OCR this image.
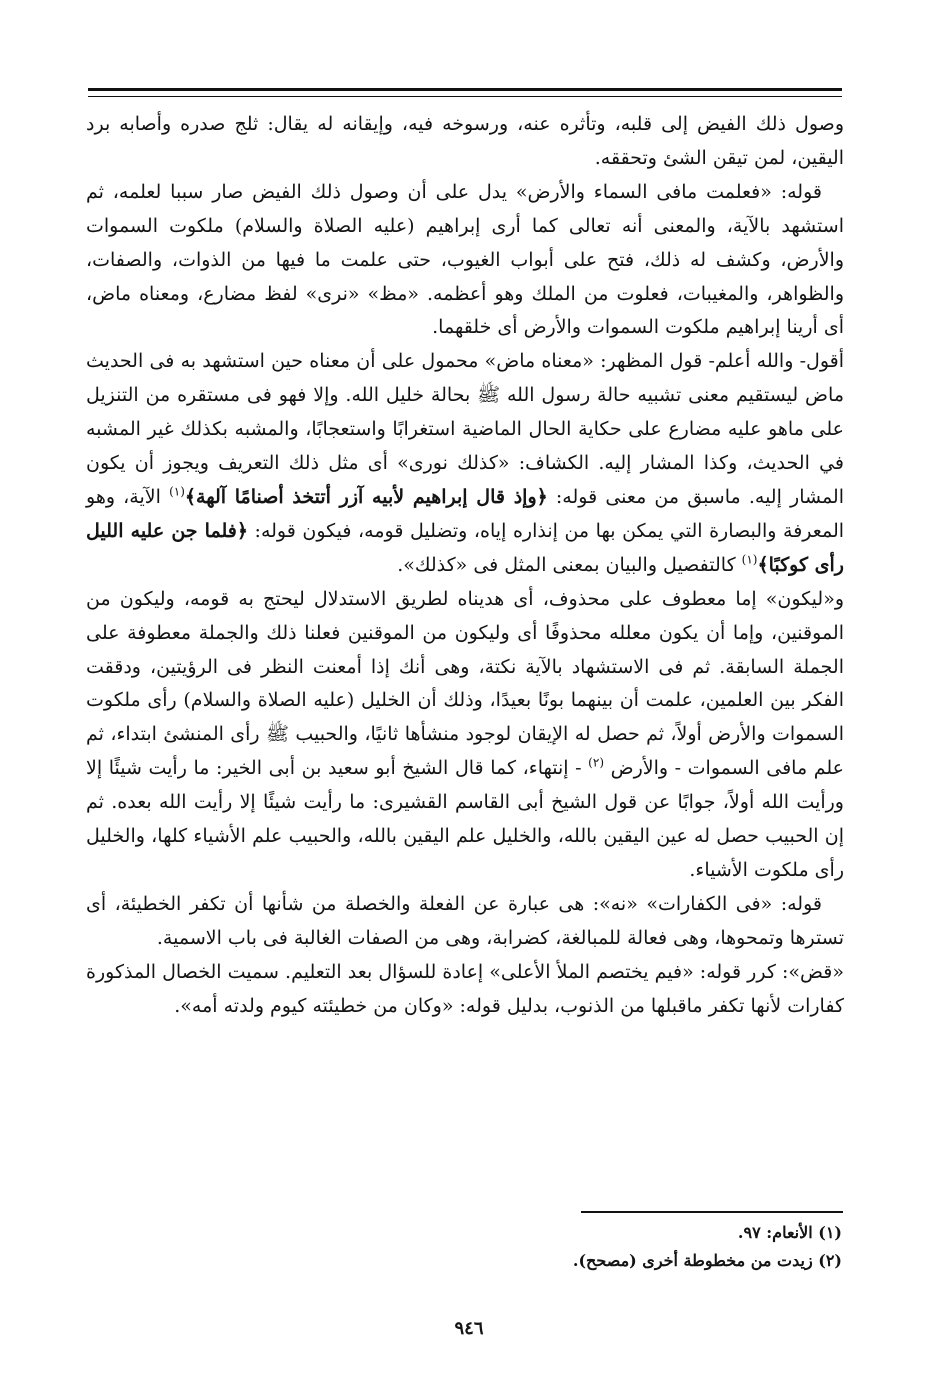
وصول ذلك الفيض إلى قلبه، وتأثره عنه، ورسوخه فيه، وإيقانه له يقال: ثلج صدره وأصابه برد اليقين، لمن تيقن الشئ وتحققه.

قوله: «فعلمت مافى السماء والأرض» يدل على أن وصول ذلك الفيض صار سببا لعلمه، ثم استشهد بالآية، والمعنى أنه تعالى كما أرى إبراهيم (عليه الصلاة والسلام) ملكوت السموات والأرض، وكشف له ذلك، فتح على أبواب الغيوب، حتى علمت ما فيها من الذوات، والصفات، والظواهر، والمغيبات، فعلوت من الملك وهو أعظمه. «مظ» «نرى» لفظ مضارع، ومعناه ماض، أى أرينا إبراهيم ملكوت السموات والأرض أى خلقهما.

أقول- والله أعلم- قول المظهر: «معناه ماض» محمول على أن معناه حين استشهد به فى الحديث ماض ليستقيم معنى تشبيه حالة رسول الله ﷺ بحالة خليل الله. وإلا فهو فى مستقره من التنزيل على ماهو عليه مضارع على حكاية الحال الماضية استغرابًا واستعجابًا، والمشبه بكذلك غير المشبه في الحديث، وكذا المشار إليه. الكشاف: «كذلك نورى» أى مثل ذلك التعريف ويجوز أن يكون المشار إليه. ماسبق من معنى قوله: ﴿وإذ قال إبراهيم لأبيه آزر أتتخذ أصنامًا آلهة﴾$^{(١)}$ الآية، وهو المعرفة والبصارة التي يمكن بها من إنذاره إياه، وتضليل قومه، فيكون قوله: ﴿فلما جن عليه الليل رأى كوكبًا﴾$^{(١)}$ كالتفصيل والبيان بمعنى المثل فى «كذلك».

و«ليكون» إما معطوف على محذوف، أى هديناه لطريق الاستدلال ليحتج به قومه، وليكون من الموقنين، وإما أن يكون معلله محذوفًا أى وليكون من الموقنين فعلنا ذلك والجملة معطوفة على الجملة السابقة. ثم فى الاستشهاد بالآية نكتة، وهى أنك إذا أمعنت النظر فى الرؤيتين، ودققت الفكر بين العلمين، علمت أن بينهما بونًا بعيدًا، وذلك أن الخليل (عليه الصلاة والسلام) رأى ملكوت السموات والأرض أولاً، ثم حصل له الإيقان لوجود منشأها ثانيًا، والحبيب ﷺ رأى المنشئ ابتداء، ثم علم مافى السموات - والأرض $^{(٢)}$ - إنتهاء، كما قال الشيخ أبو سعيد بن أبى الخير: ما رأيت شيئًا إلا ورأيت الله أولاً، جوابًا عن قول الشيخ أبى القاسم القشيرى: ما رأيت شيئًا إلا رأيت الله بعده. ثم إن الحبيب حصل له عين اليقين بالله، والخليل علم اليقين بالله، والحبيب علم الأشياء كلها، والخليل رأى ملكوت الأشياء.

قوله: «فى الكفارات» «نه»: هى عبارة عن الفعلة والخصلة من شأنها أن تكفر الخطيئة، أى تسترها وتمحوها، وهى فعالة للمبالغة، كضرابة، وهى من الصفات الغالبة فى باب الاسمية.

«قض»: كرر قوله: «فيم يختصم الملأ الأعلى» إعادة للسؤال بعد التعليم. سميت الخصال المذكورة كفارات لأنها تكفر ماقبلها من الذنوب، بدليل قوله: «وكان من خطيئته كيوم ولدته أمه».

(١) الأنعام: ٩٧.

(٢) زيدت من مخطوطة أخرى (مصحح).

٩٤٦
